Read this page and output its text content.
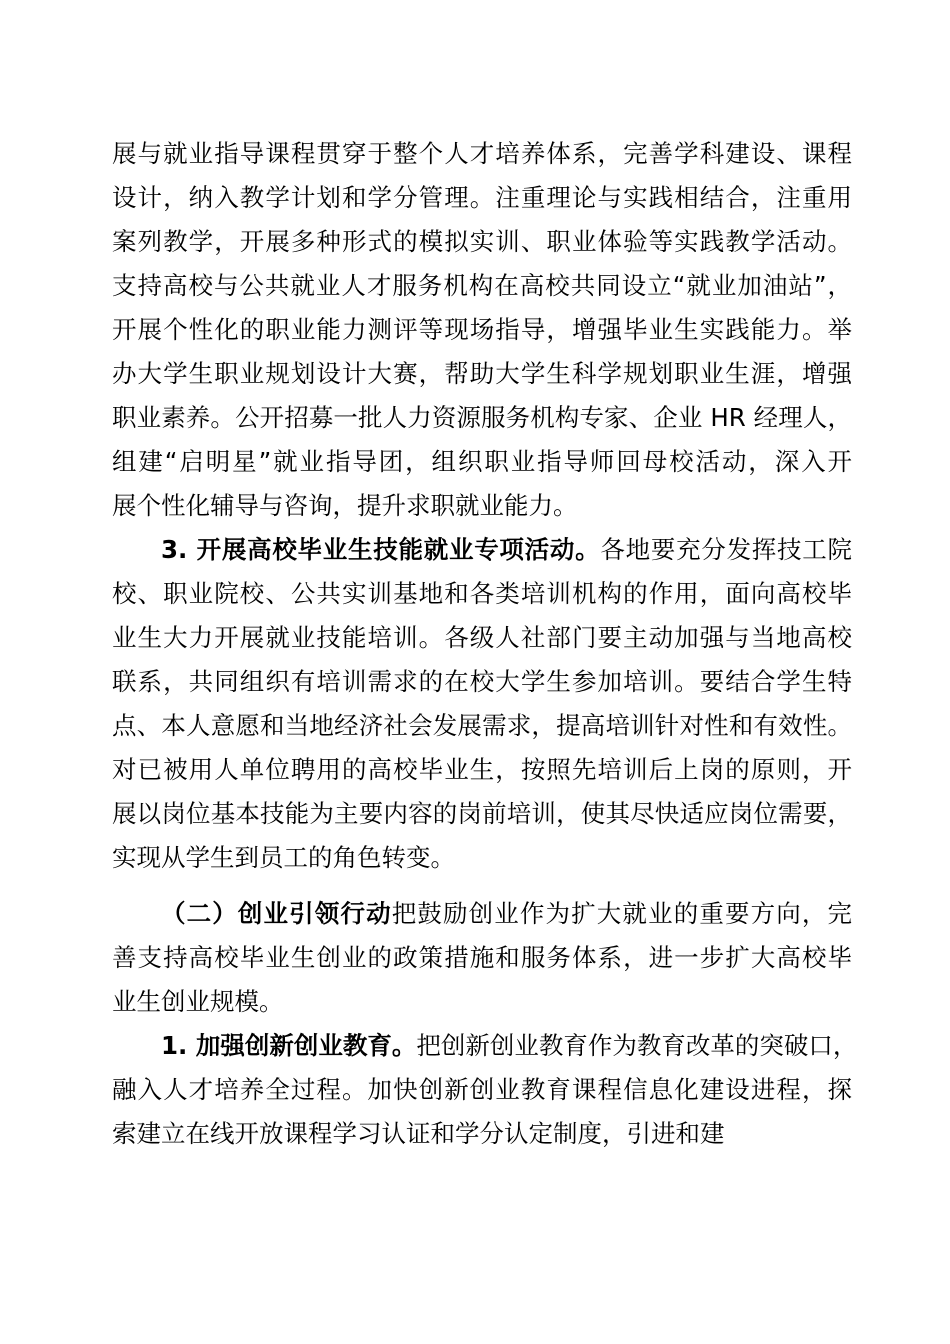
展与就业指导课程贯穿于整个人才培养体系，完善学科建设、课程
设计，纳入教学计划和学分管理。注重理论与实践相结合，注重用
案列教学，开展多种形式的模拟实训、职业体验等实践教学活动。
支持高校与公共就业人才服务机构在高校共同设立“就业加油站”，
开展个性化的职业能力测评等现场指导，增强毕业生实践能力。举
办大学生职业规划设计大赛，帮助大学生科学规划职业生涯，增强
职业素养。公开招募一批人力资源服务机构专家、企业 HR 经理人，
组建“启明星”就业指导团，组织职业指导师回母校活动，深入开
展个性化辅导与咨询，提升求职就业能力。
3. 开展高校毕业生技能就业专项活动。各地要充分发挥技工院
校、职业院校、公共实训基地和各类培训机构的作用，面向高校毕
业生大力开展就业技能培训。各级人社部门要主动加强与当地高校
联系，共同组织有培训需求的在校大学生参加培训。要结合学生特
点、本人意愿和当地经济社会发展需求，提高培训针对性和有效性。
对已被用人单位聘用的高校毕业生，按照先培训后上岗的原则，开
展以岗位基本技能为主要内容的岗前培训，使其尽快适应岗位需要，
实现从学生到员工的角色转变。
（二）创业引领行动把鼓励创业作为扩大就业的重要方向，完
善支持高校毕业生创业的政策措施和服务体系，进一步扩大高校毕
业生创业规模。
1. 加强创新创业教育。把创新创业教育作为教育改革的突破口，
融入人才培养全过程。加快创新创业教育课程信息化建设进程，探
索建立在线开放课程学习认证和学分认定制度，引进和建
